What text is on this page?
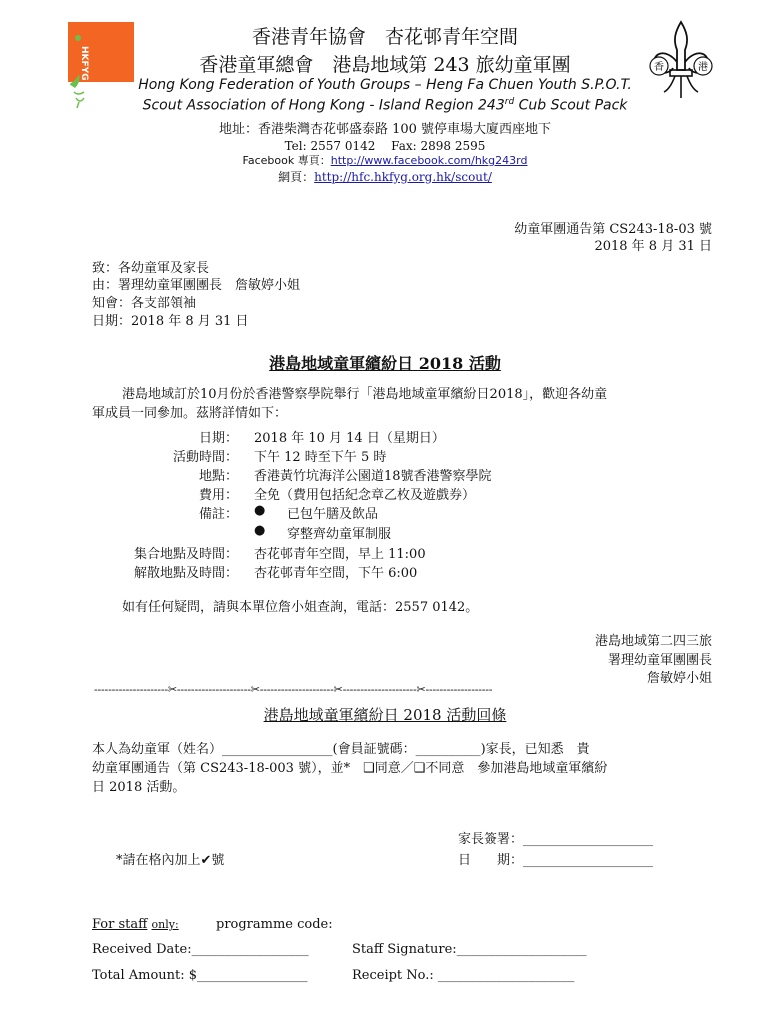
HKFYG
香港青年協會　杏花邨青年空間
香港童軍總會　港島地域第 243 旅幼童軍團
Hong Kong Federation of Youth Groups – Heng Fa Chuen Youth S.P.O.T.
Scout Association of Hong Kong - Island Region 243rd Cub Scout Pack
地址：香港柴灣杏花邨盛泰路 100 號停車場大廈西座地下
Tel: 2557 0142　 Fax: 2898 2595
Facebook 專頁：http://www.facebook.com/hkg243rd
網頁：http://hfc.hkfyg.org.hk/scout/
香	港
幼童軍團通告第 CS243-18-03 號
2018 年 8 月 31 日
致：各幼童軍及家長
由：署理幼童軍團團長　詹敏婷小姐
知會：各支部領袖
日期：2018 年 8 月 31 日
港島地域童軍繽紛日 2018 活動
港島地域訂於10月份於香港警察學院舉行「港島地域童軍繽紛日2018」，歡迎各幼童
軍成員一同參加。茲將詳情如下：
日期： 2018 年 10 月 14 日（星期日）
活動時間： 下午 12 時至下午 5 時
地點： 香港黃竹坑海洋公園道18號香港警察學院
費用： 全免（費用包括紀念章乙枚及遊戲券）
備註： ● 已包午膳及飲品
● 穿整齊幼童軍制服
集合地點及時間： 杏花邨青年空間，早上 11:00
解散地點及時間： 杏花邨青年空間，下午 6:00
如有任何疑問，請與本單位詹小姐查詢，電話：2557 0142。
港島地域第二四三旅
署理幼童軍團團長
詹敏婷小姐
---------------------✂---------------------✂---------------------✂---------------------✂-------------------
港島地域童軍繽紛日 2018 活動回條
本人為幼童軍（姓名）_________________(會員証號碼：__________)家長，已知悉　貴
幼童軍團通告（第 CS243-18-003 號），並*　❑同意／❑不同意　參加港島地域童軍繽紛
日 2018 活動。
家長簽署：____________________
日　　期：____________________
*請在格內加上✔號
For staff only:	programme code:
Received Date:__________________	Staff Signature:____________________
Total Amount: $_________________	Receipt No.: _____________________
